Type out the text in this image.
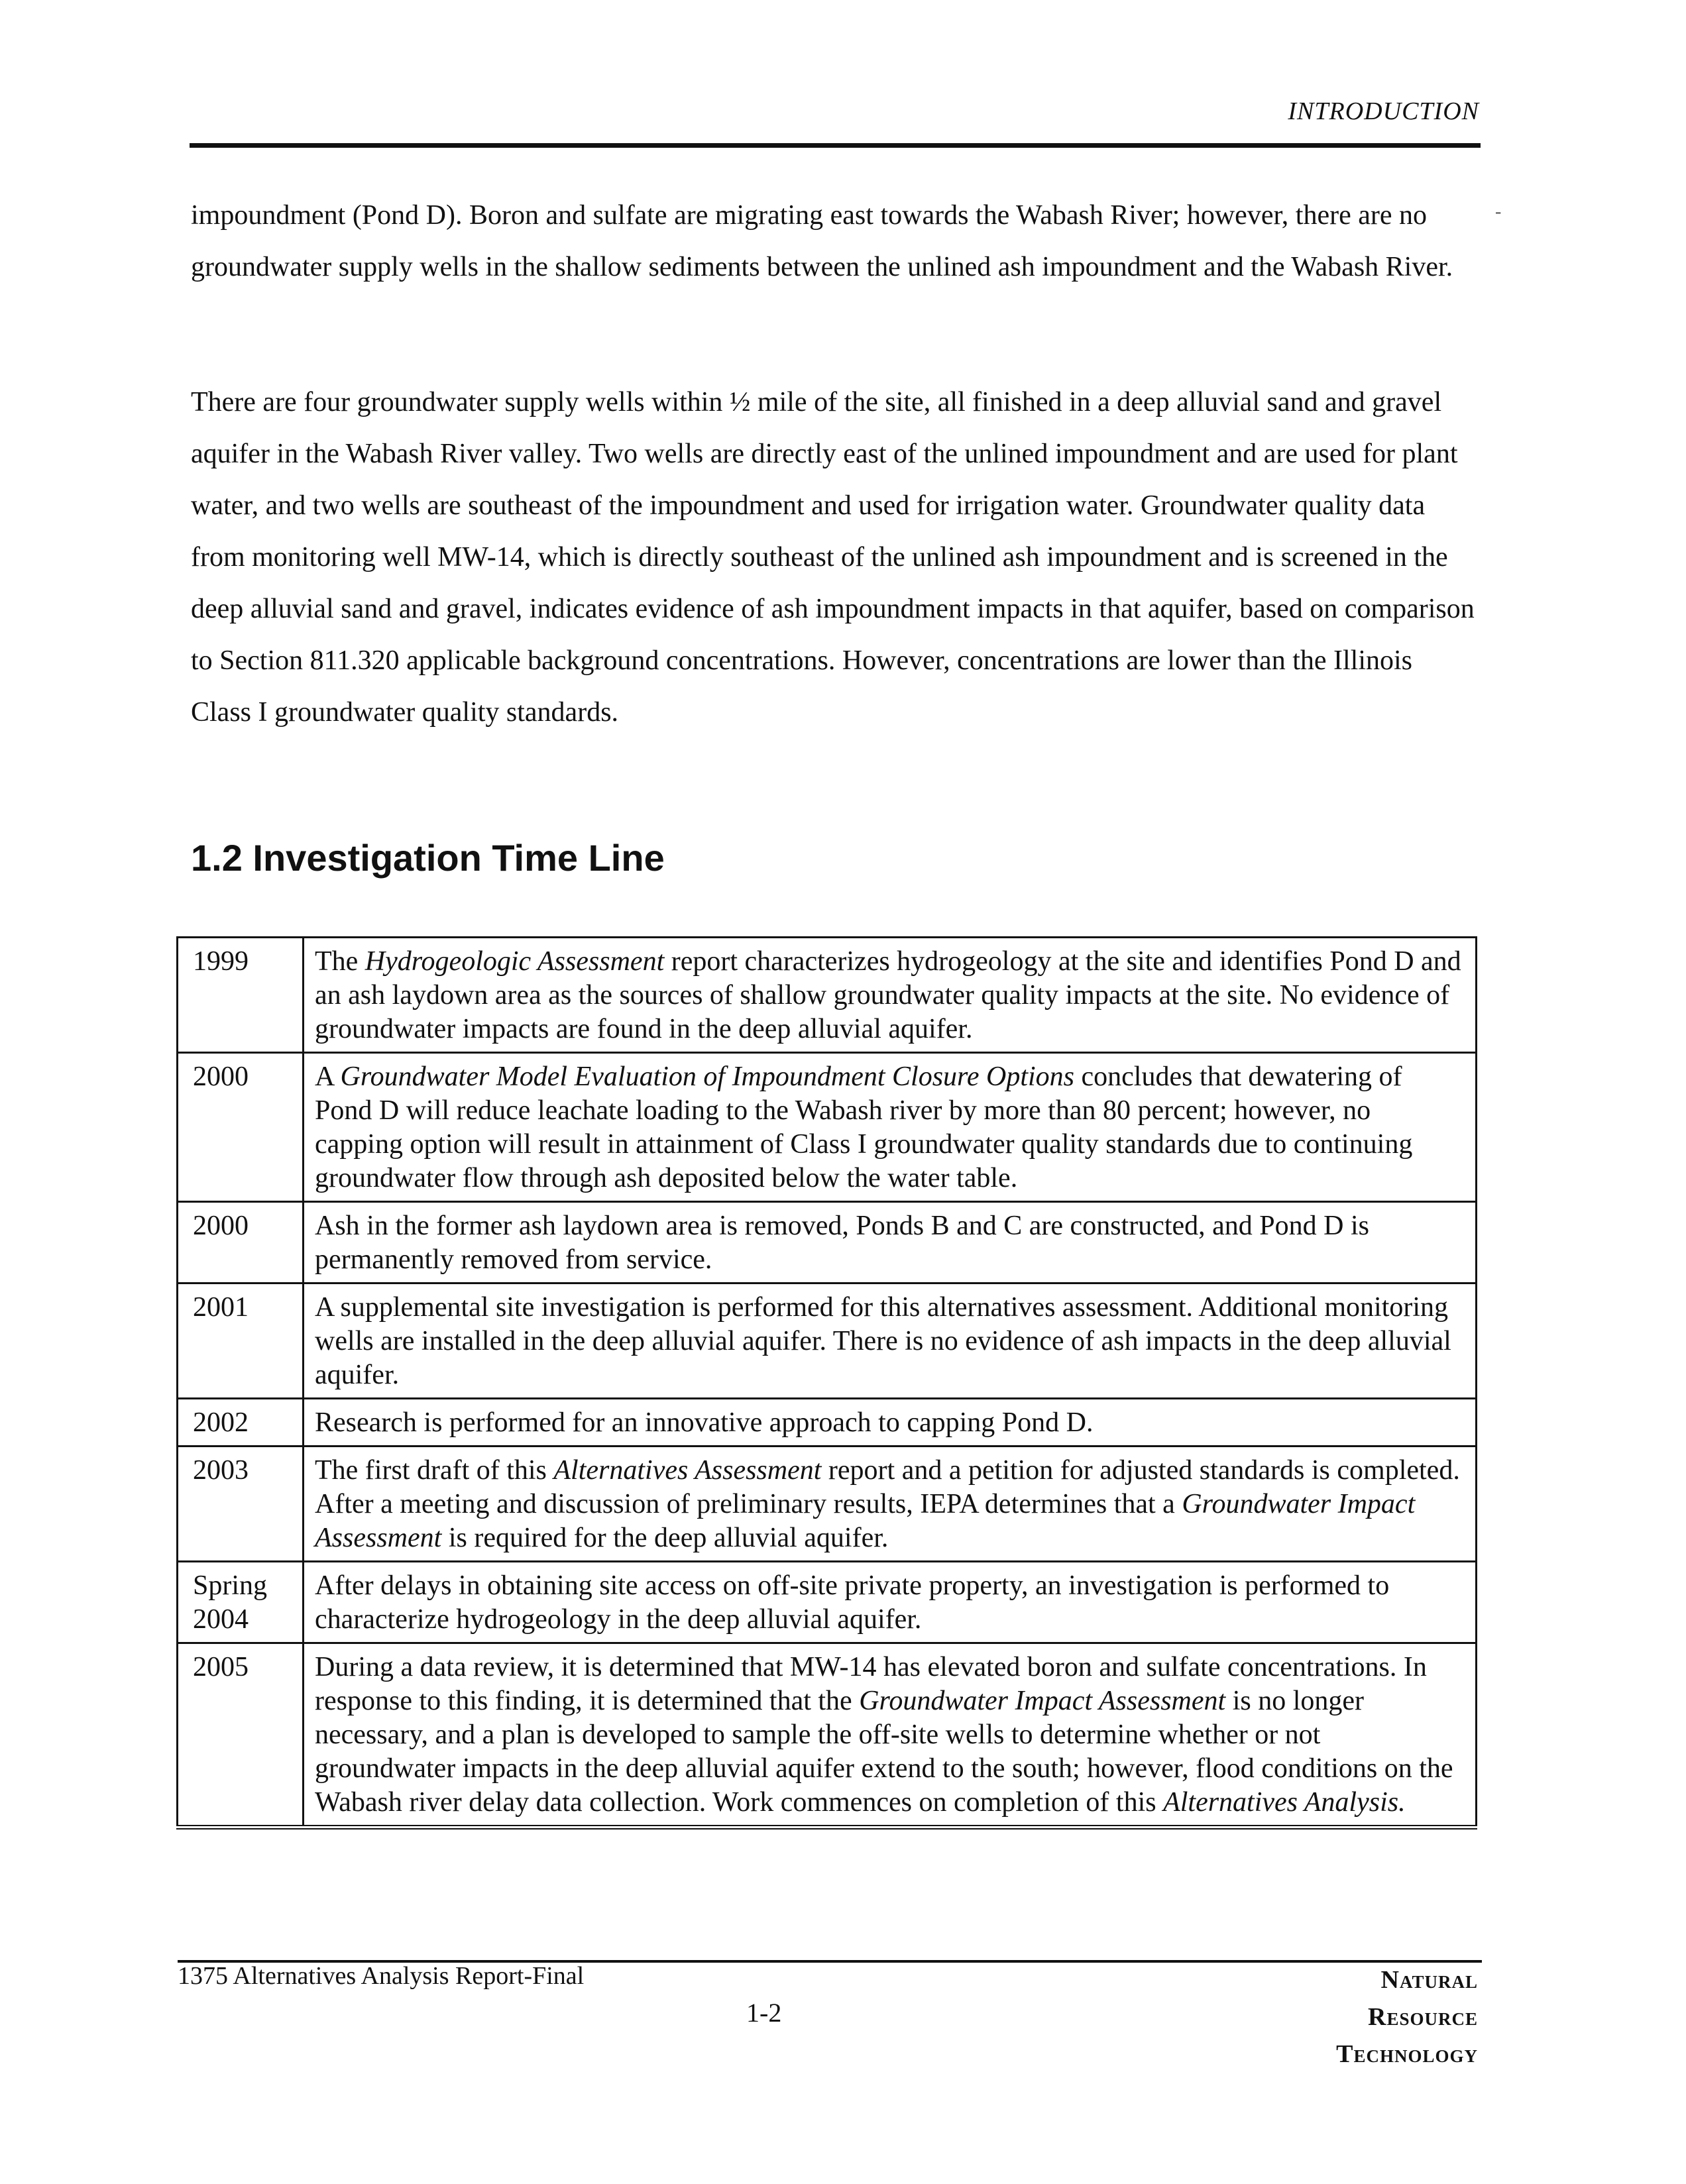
INTRODUCTION
-

impoundment (Pond D). Boron and sulfate are migrating east towards the Wabash River; however, there are no groundwater supply wells in the shallow sediments between the unlined ash impoundment and the Wabash River.

There are four groundwater supply wells within ½ mile of the site, all finished in a deep alluvial sand and gravel aquifer in the Wabash River valley. Two wells are directly east of the unlined impoundment and are used for plant water, and two wells are southeast of the impoundment and used for irrigation water. Groundwater quality data from monitoring well MW-14, which is directly southeast of the unlined ash impoundment and is screened in the deep alluvial sand and gravel, indicates evidence of ash impoundment impacts in that aquifer, based on comparison to Section 811.320 applicable background concentrations. However, concentrations are lower than the Illinois Class I groundwater quality standards.

1.2 Investigation Time Line
1999	The Hydrogeologic Assessment report characterizes hydrogeology at the site and identifies Pond D and an ash laydown area as the sources of shallow groundwater quality impacts at the site. No evidence of groundwater impacts are found in the deep alluvial aquifer.
2000	A Groundwater Model Evaluation of Impoundment Closure Options concludes that dewatering of Pond D will reduce leachate loading to the Wabash river by more than 80 percent; however, no capping option will result in attainment of Class I groundwater quality standards due to continuing groundwater flow through ash deposited below the water table.
2000	Ash in the former ash laydown area is removed, Ponds B and C are constructed, and Pond D is permanently removed from service.
2001	A supplemental site investigation is performed for this alternatives assessment. Additional monitoring wells are installed in the deep alluvial aquifer. There is no evidence of ash impacts in the deep alluvial aquifer.
2002	Research is performed for an innovative approach to capping Pond D.
2003	The first draft of this Alternatives Assessment report and a petition for adjusted standards is completed. After a meeting and discussion of preliminary results, IEPA determines that a Groundwater Impact Assessment is required for the deep alluvial aquifer.
Spring 2004	After delays in obtaining site access on off-site private property, an investigation is performed to characterize hydrogeology in the deep alluvial aquifer.
2005	During a data review, it is determined that MW-14 has elevated boron and sulfate concentrations. In response to this finding, it is determined that the Groundwater Impact Assessment is no longer necessary, and a plan is developed to sample the off-site wells to determine whether or not groundwater impacts in the deep alluvial aquifer extend to the south; however, flood conditions on the Wabash river delay data collection. Work commences on completion of this Alternatives Analysis.
1375 Alternatives Analysis Report-Final
1-2
Natural
Resource
Technology
